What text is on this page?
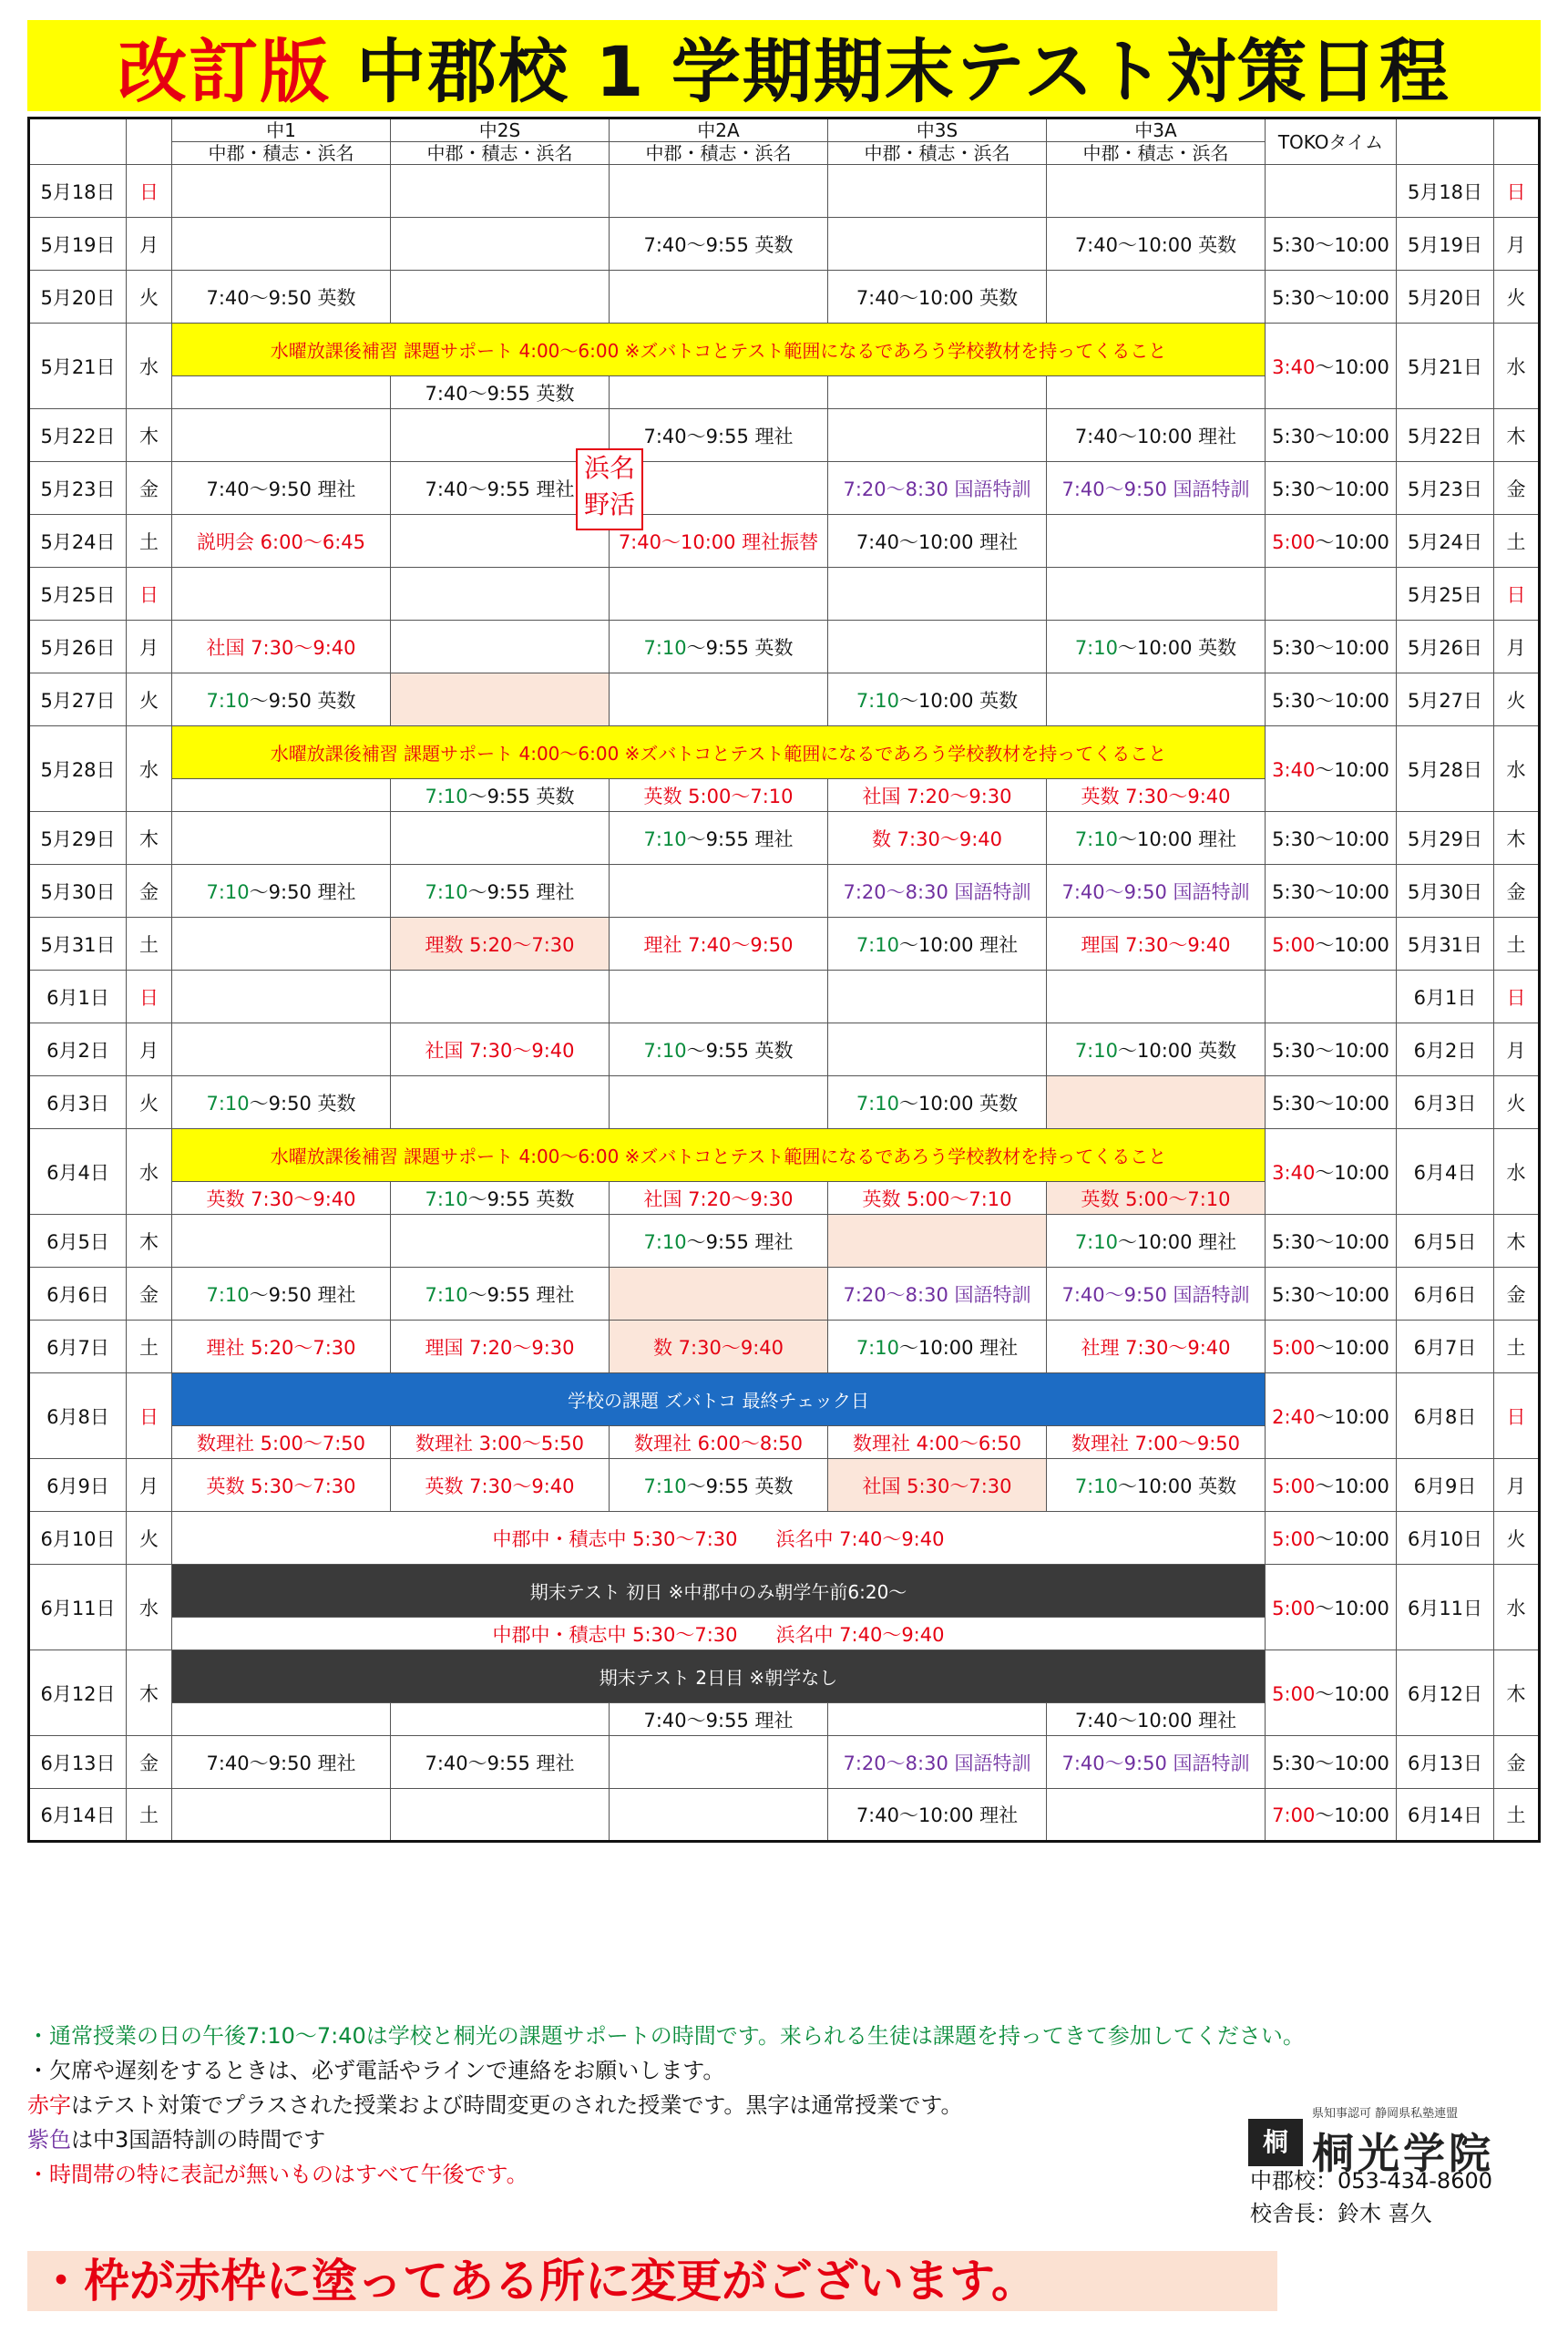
改訂版 中郡校 1 学期期末テスト対策日程
		中1	中2S	中2A	中3S	中3A	TOKOタイム		
		中郡・積志・浜名	中郡・積志・浜名	中郡・積志・浜名	中郡・積志・浜名	中郡・積志・浜名			
5月18日	日							5月18日	日
5月19日	月			7:40～9:55 英数		7:40～10:00 英数	5:30～10:00	5月19日	月
5月20日	火	7:40～9:50 英数			7:40～10:00 英数		5:30～10:00	5月20日	火
5月21日	水	水曜放課後補習 課題サポート 4:00～6:00 ※ズバトコとテスト範囲になるであろう学校教材を持ってくること					3:40～10:00	5月21日	水
			7:40～9:55 英数						
5月22日	木			7:40～9:55 理社		7:40～10:00 理社	5:30～10:00	5月22日	木
5月23日	金	7:40～9:50 理社	7:40～9:55 理社		7:20～8:30 国語特訓	7:40～9:50 国語特訓	5:30～10:00	5月23日	金
5月24日	土	説明会 6:00～6:45		7:40～10:00 理社振替	7:40～10:00 理社		5:00～10:00	5月24日	土
5月25日	日							5月25日	日
5月26日	月	社国 7:30～9:40		7:10～9:55 英数		7:10～10:00 英数	5:30～10:00	5月26日	月
5月27日	火	7:10～9:50 英数			7:10～10:00 英数		5:30～10:00	5月27日	火
5月28日	水	水曜放課後補習 課題サポート 4:00～6:00 ※ズバトコとテスト範囲になるであろう学校教材を持ってくること					3:40～10:00	5月28日	水
			7:10～9:55 英数	英数 5:00～7:10	社国 7:20～9:30	英数 7:30～9:40			
5月29日	木			7:10～9:55 理社	数 7:30～9:40	7:10～10:00 理社	5:30～10:00	5月29日	木
5月30日	金	7:10～9:50 理社	7:10～9:55 理社		7:20～8:30 国語特訓	7:40～9:50 国語特訓	5:30～10:00	5月30日	金
5月31日	土		理数 5:20～7:30	理社 7:40～9:50	7:10～10:00 理社	理国 7:30～9:40	5:00～10:00	5月31日	土
6月1日	日							6月1日	日
6月2日	月		社国 7:30～9:40	7:10～9:55 英数		7:10～10:00 英数	5:30～10:00	6月2日	月
6月3日	火	7:10～9:50 英数			7:10～10:00 英数		5:30～10:00	6月3日	火
6月4日	水	水曜放課後補習 課題サポート 4:00～6:00 ※ズバトコとテスト範囲になるであろう学校教材を持ってくること					3:40～10:00	6月4日	水
		英数 7:30～9:40	7:10～9:55 英数	社国 7:20～9:30	英数 5:00～7:10	英数 5:00～7:10			
6月5日	木			7:10～9:55 理社		7:10～10:00 理社	5:30～10:00	6月5日	木
6月6日	金	7:10～9:50 理社	7:10～9:55 理社		7:20～8:30 国語特訓	7:40～9:50 国語特訓	5:30～10:00	6月6日	金
6月7日	土	理社 5:20～7:30	理国 7:20～9:30	数 7:30～9:40	7:10～10:00 理社	社理 7:30～9:40	5:00～10:00	6月7日	土
6月8日	日	学校の課題 ズバトコ 最終チェック日					2:40～10:00	6月8日	日
		数理社 5:00～7:50	数理社 3:00～5:50	数理社 6:00～8:50	数理社 4:00～6:50	数理社 7:00～9:50			
6月9日	月	英数 5:30～7:30	英数 7:30～9:40	7:10～9:55 英数	社国 5:30～7:30	7:10～10:00 英数	5:00～10:00	6月9日	月
6月10日	火	中郡中・積志中 5:30～7:30　　浜名中 7:40～9:40					5:00～10:00	6月10日	火
6月11日	水	期末テスト 初日 ※中郡中のみ朝学午前6:20～					5:00～10:00	6月11日	水
		中郡中・積志中 5:30～7:30　　浜名中 7:40～9:40							
6月12日	木	期末テスト 2日目 ※朝学なし					5:00～10:00	6月12日	木
				7:40～9:55 理社		7:40～10:00 理社			
6月13日	金	7:40～9:50 理社	7:40～9:55 理社		7:20～8:30 国語特訓	7:40～9:50 国語特訓	5:30～10:00	6月13日	金
6月14日	土				7:40～10:00 理社		7:00～10:00	6月14日	土
浜名 野活
・通常授業の日の午後7:10～7:40は学校と桐光の課題サポートの時間です。来られる生徒は課題を持ってきて参加してください。
・欠席や遅刻をするときは、必ず電話やラインで連絡をお願いします。
赤字はテスト対策でプラスされた授業および時間変更のされた授業です。黒字は通常授業です。
紫色は中3国語特訓の時間です
・時間帯の特に表記が無いものはすべて午後です。
桐
県知事認可 静岡県私塾連盟
桐光学院
中郡校：053-434-8600
校舎長：鈴木 喜久
・枠が赤枠に塗ってある所に変更がございます。
